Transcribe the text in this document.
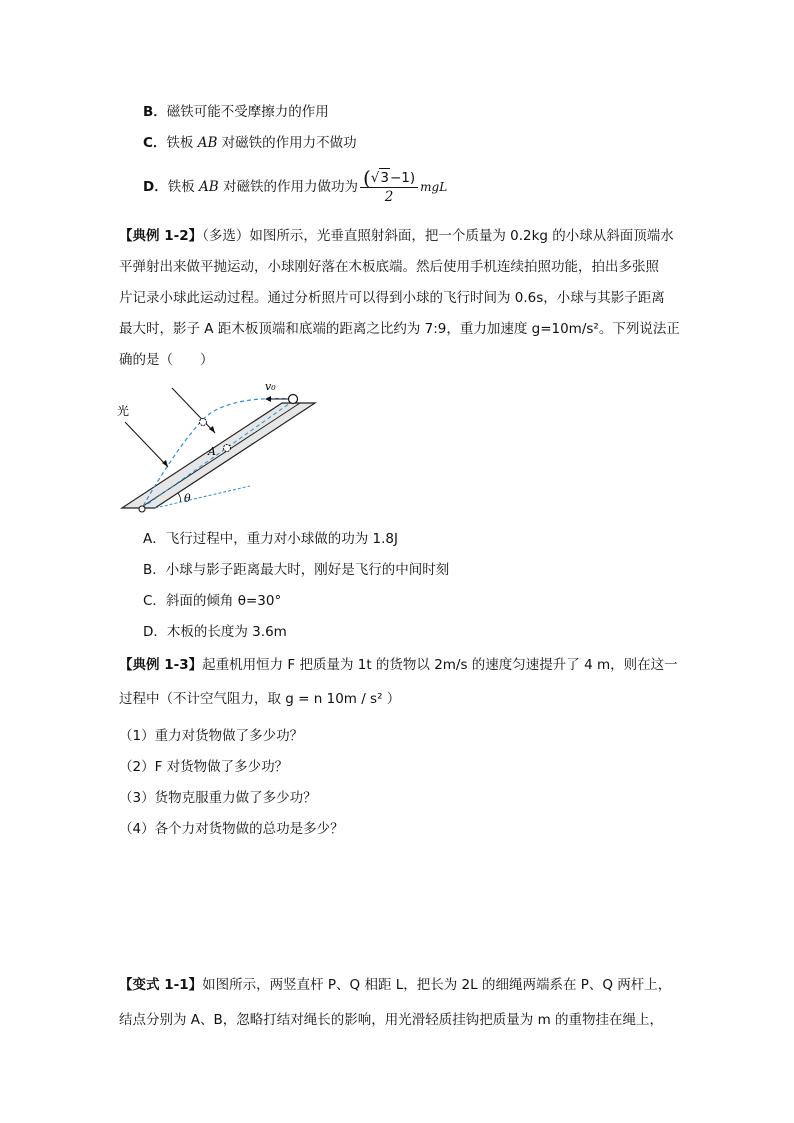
B．磁铁可能不受摩擦力的作用
C．铁板 AB 对磁铁的作用力不做功
D．铁板 AB 对磁铁的作用力做功为 $\frac{(√3-1)}{2}$ mgL
【典例 1-2】（多选）如图所示，光垂直照射斜面，把一个质量为 0.2kg 的小球从斜面顶端水
平弹射出来做平抛运动，小球刚好落在木板底端。然后使用手机连续拍照功能，拍出多张照
片记录小球此运动过程。通过分析照片可以得到小球的飞行时间为 0.6s，小球与其影子距离
最大时，影子 A 距木板顶端和底端的距离之比约为 7:9，重力加速度 g=10m/s²。下列说法正
确的是（　　）
光
v₀
A
θ
A．飞行过程中，重力对小球做的功为 1.8J
B．小球与影子距离最大时，刚好是飞行的中间时刻
C．斜面的倾角 θ=30°
D．木板的长度为 3.6m
【典例 1-3】起重机用恒力 F 把质量为 1t 的货物以 2m/s 的速度匀速提升了 4 m，则在这一
过程中（不计空气阻力，取 g = n 10m / s² ）
（1）重力对货物做了多少功？
（2）F 对货物做了多少功？
（3）货物克服重力做了多少功？
（4）各个力对货物做的总功是多少？
【变式 1-1】如图所示，两竖直杆 P、Q 相距 L，把长为 2L 的细绳两端系在 P、Q 两杆上，
结点分别为 A、B，忽略打结对绳长的影响，用光滑轻质挂钩把质量为 m 的重物挂在绳上，
